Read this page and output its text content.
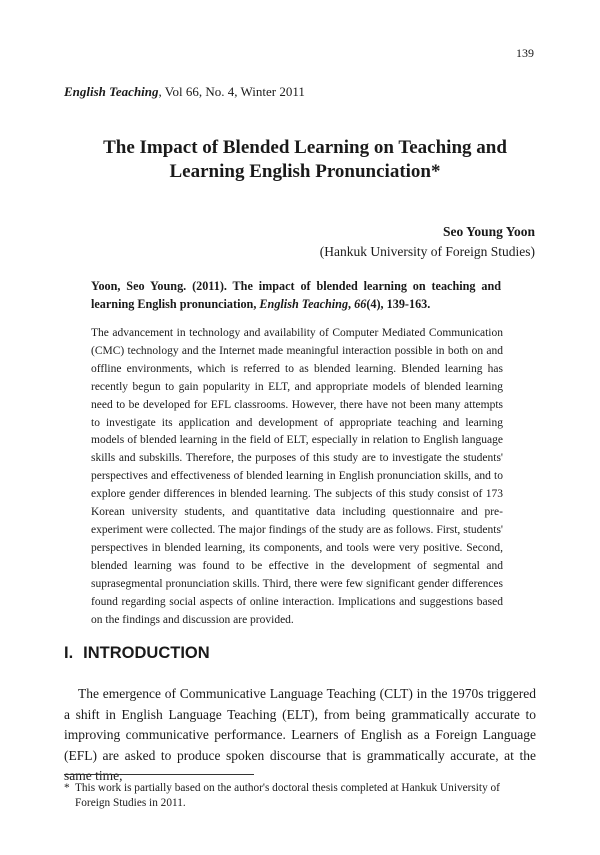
139
English Teaching, Vol 66, No. 4, Winter 2011
The Impact of Blended Learning on Teaching and
Learning English Pronunciation*
Seo Young Yoon
(Hankuk University of Foreign Studies)
Yoon, Seo Young. (2011). The impact of blended learning on teaching and learning English pronunciation, English Teaching, 66(4), 139-163.
The advancement in technology and availability of Computer Mediated Communication (CMC) technology and the Internet made meaningful interaction possible in both on and offline environments, which is referred to as blended learning. Blended learning has recently begun to gain popularity in ELT, and appropriate models of blended learning need to be developed for EFL classrooms. However, there have not been many attempts to investigate its application and development of appropriate teaching and learning models of blended learning in the field of ELT, especially in relation to English language skills and subskills. Therefore, the purposes of this study are to investigate the students' perspectives and effectiveness of blended learning in English pronunciation skills, and to explore gender differences in blended learning. The subjects of this study consist of 173 Korean university students, and quantitative data including questionnaire and pre-experiment were collected. The major findings of the study are as follows. First, students' perspectives in blended learning, its components, and tools were very positive. Second, blended learning was found to be effective in the development of segmental and suprasegmental pronunciation skills. Third, there were few significant gender differences found regarding social aspects of online interaction. Implications and suggestions based on the findings and discussion are provided.
I. INTRODUCTION
The emergence of Communicative Language Teaching (CLT) in the 1970s triggered a shift in English Language Teaching (ELT), from being grammatically accurate to improving communicative performance. Learners of English as a Foreign Language (EFL) are asked to produce spoken discourse that is grammatically accurate, at the same time,
* This work is partially based on the author's doctoral thesis completed at Hankuk University of
Foreign Studies in 2011.
